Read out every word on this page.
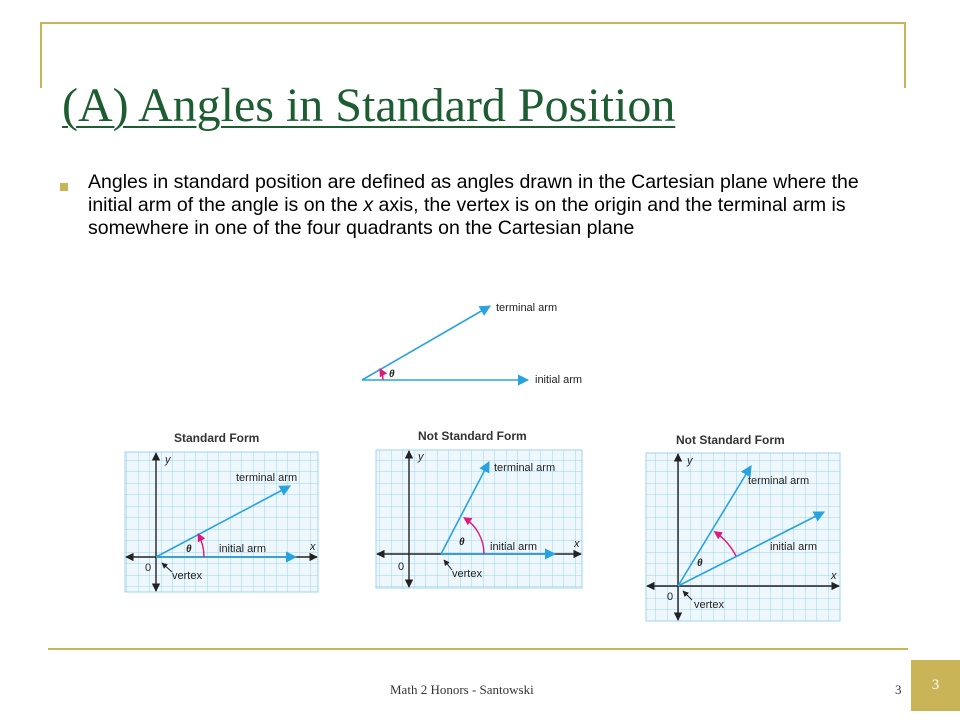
(A) Angles in Standard Position

Angles in standard position are defined as angles drawn in the Cartesian plane where the initial arm of the angle is on the x axis, the vertex is on the origin and the terminal arm is somewhere in one of the four quadrants on the Cartesian plane

θ
terminal arm
initial arm
Standard Form
θ
terminal arm
initial arm	x
y
0
vertex
Not Standard Form
θ
terminal arm
initial arm	x
y
0
vertex
Not Standard Form
θ
terminal arm
initial arm
x
y
0
vertex
Math 2 Honors - Santowski	3	3
